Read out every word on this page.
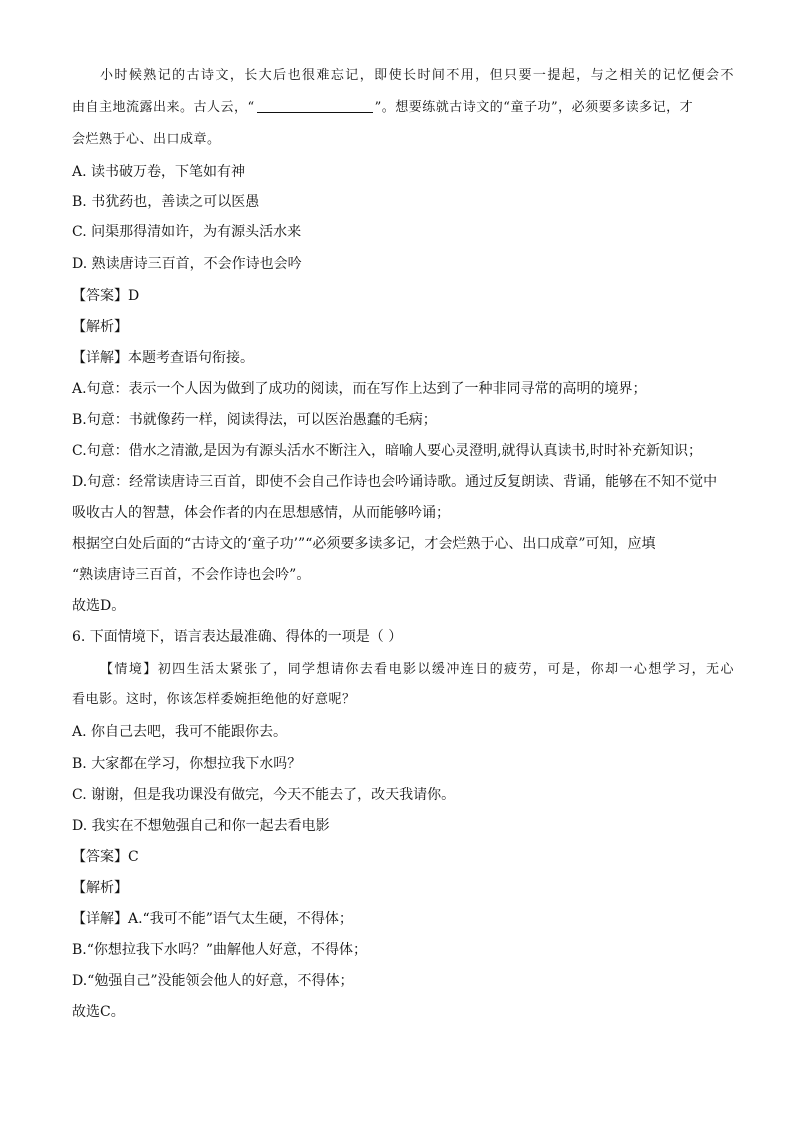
小时候熟记的古诗文，长大后也很难忘记，即使长时间不用，但只要一提起，与之相关的记忆便会不
由自主地流露出来。古人云，“	”。想要练就古诗文的“童子功”，必须要多读多记，才
会烂熟于心、出口成章。
A. 读书破万卷，下笔如有神
B. 书犹药也，善读之可以医愚
C. 问渠那得清如许，为有源头活水来
D. 熟读唐诗三百首，不会作诗也会吟
【答案】D
【解析】
【详解】本题考查语句衔接。
A.句意：表示一个人因为做到了成功的阅读，而在写作上达到了一种非同寻常的高明的境界；
B.句意：书就像药一样，阅读得法，可以医治愚蠢的毛病；
C.句意：借水之清澈,是因为有源头活水不断注入，暗喻人要心灵澄明,就得认真读书,时时补充新知识；
D.句意：经常读唐诗三百首，即使不会自己作诗也会吟诵诗歌。通过反复朗读、背诵，能够在不知不觉中
吸收古人的智慧，体会作者的内在思想感情，从而能够吟诵；
根据空白处后面的“古诗文的‘童子功’”“必须要多读多记，才会烂熟于心、出口成章”可知，应填
“熟读唐诗三百首，不会作诗也会吟”。
故选D。
6. 下面情境下，语言表达最准确、得体的一项是（ ）
【情境】初四生活太紧张了，同学想请你去看电影以缓冲连日的疲劳，可是，你却一心想学习，无心
看电影。这时，你该怎样委婉拒绝他的好意呢？
A. 你自己去吧，我可不能跟你去。
B. 大家都在学习，你想拉我下水吗？
C. 谢谢，但是我功课没有做完，今天不能去了，改天我请你。
D. 我实在不想勉强自己和你一起去看电影
【答案】C
【解析】
【详解】A.“我可不能”语气太生硬，不得体；
B.“你想拉我下水吗？”曲解他人好意，不得体；
D.“勉强自己”没能领会他人的好意，不得体；
故选C。
